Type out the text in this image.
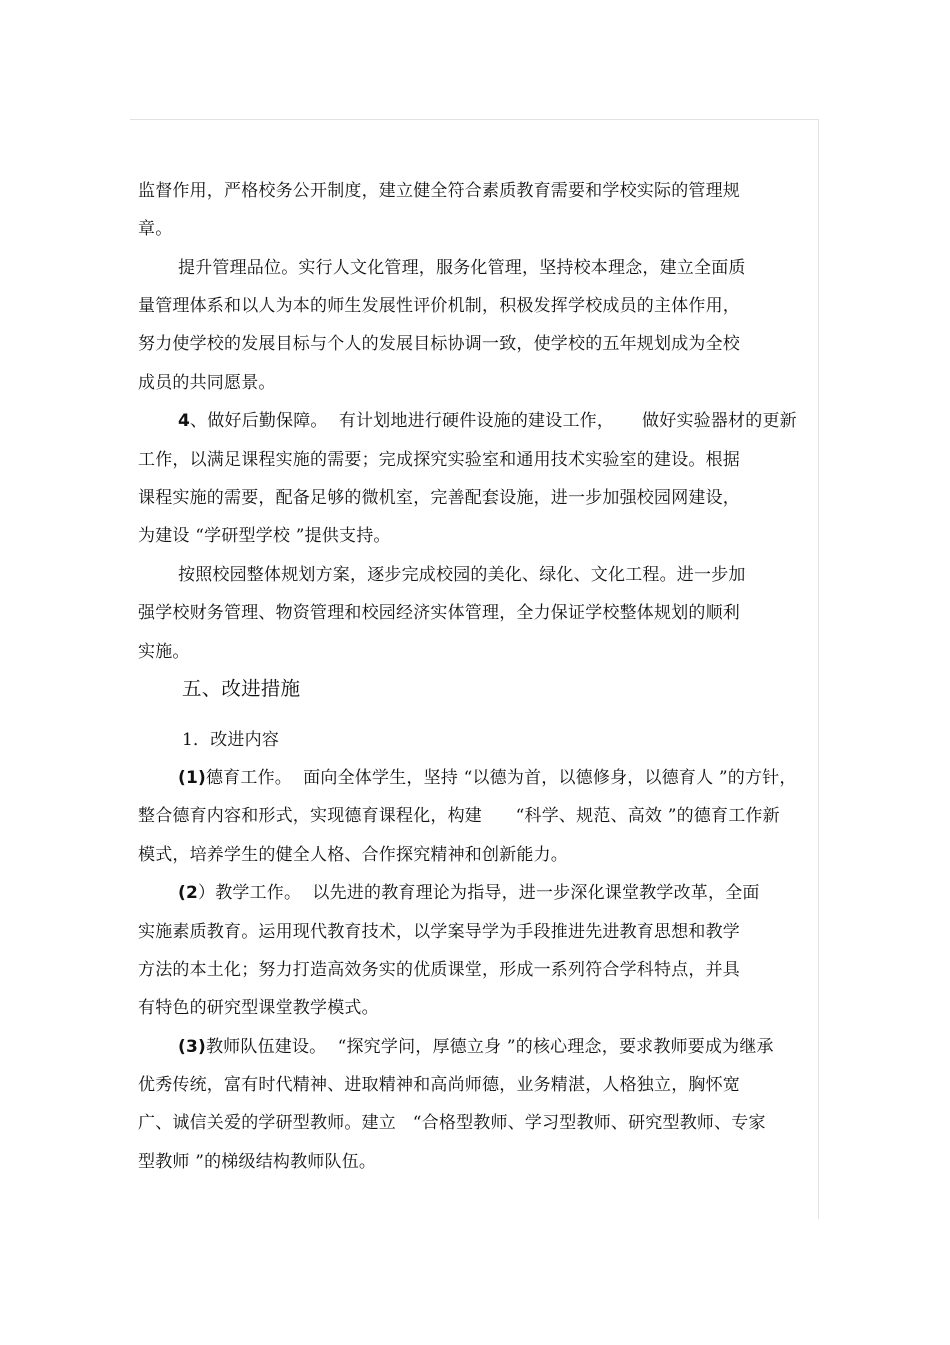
监督作用，严格校务公开制度，建立健全符合素质教育需要和学校实际的管理规
章。
提升管理品位。实行人文化管理，服务化管理，坚持校本理念，建立全面质
量管理体系和以人为本的师生发展性评价机制，积极发挥学校成员的主体作用，
努力使学校的发展目标与个人的发展目标协调一致，使学校的五年规划成为全校
成员的共同愿景。
4、做好后勤保障。  有计划地进行硬件设施的建设工作，     做好实验器材的更新
工作，以满足课程实施的需要；完成探究实验室和通用技术实验室的建设。根据
课程实施的需要，配备足够的微机室，完善配套设施，进一步加强校园网建设，
为建设 “学研型学校 ”提供支持。
按照校园整体规划方案，逐步完成校园的美化、绿化、文化工程。进一步加
强学校财务管理、物资管理和校园经济实体管理，全力保证学校整体规划的顺利
实施。
五、改进措施
1．改进内容
(1)德育工作。  面向全体学生，坚持 “以德为首，以德修身，以德育人 ”的方针，
整合德育内容和形式，实现德育课程化，构建      “科学、规范、高效 ”的德育工作新
模式，培养学生的健全人格、合作探究精神和创新能力。
(2）教学工作。  以先进的教育理论为指导，进一步深化课堂教学改革，全面
实施素质教育。运用现代教育技术，以学案导学为手段推进先进教育思想和教学
方法的本土化；努力打造高效务实的优质课堂，形成一系列符合学科特点，并具
有特色的研究型课堂教学模式。
(3)教师队伍建设。  “探究学问，厚德立身 ”的核心理念，要求教师要成为继承
优秀传统，富有时代精神、进取精神和高尚师德，业务精湛，人格独立，胸怀宽
广、诚信关爱的学研型教师。建立   “合格型教师、学习型教师、研究型教师、专家
型教师 ”的梯级结构教师队伍。
